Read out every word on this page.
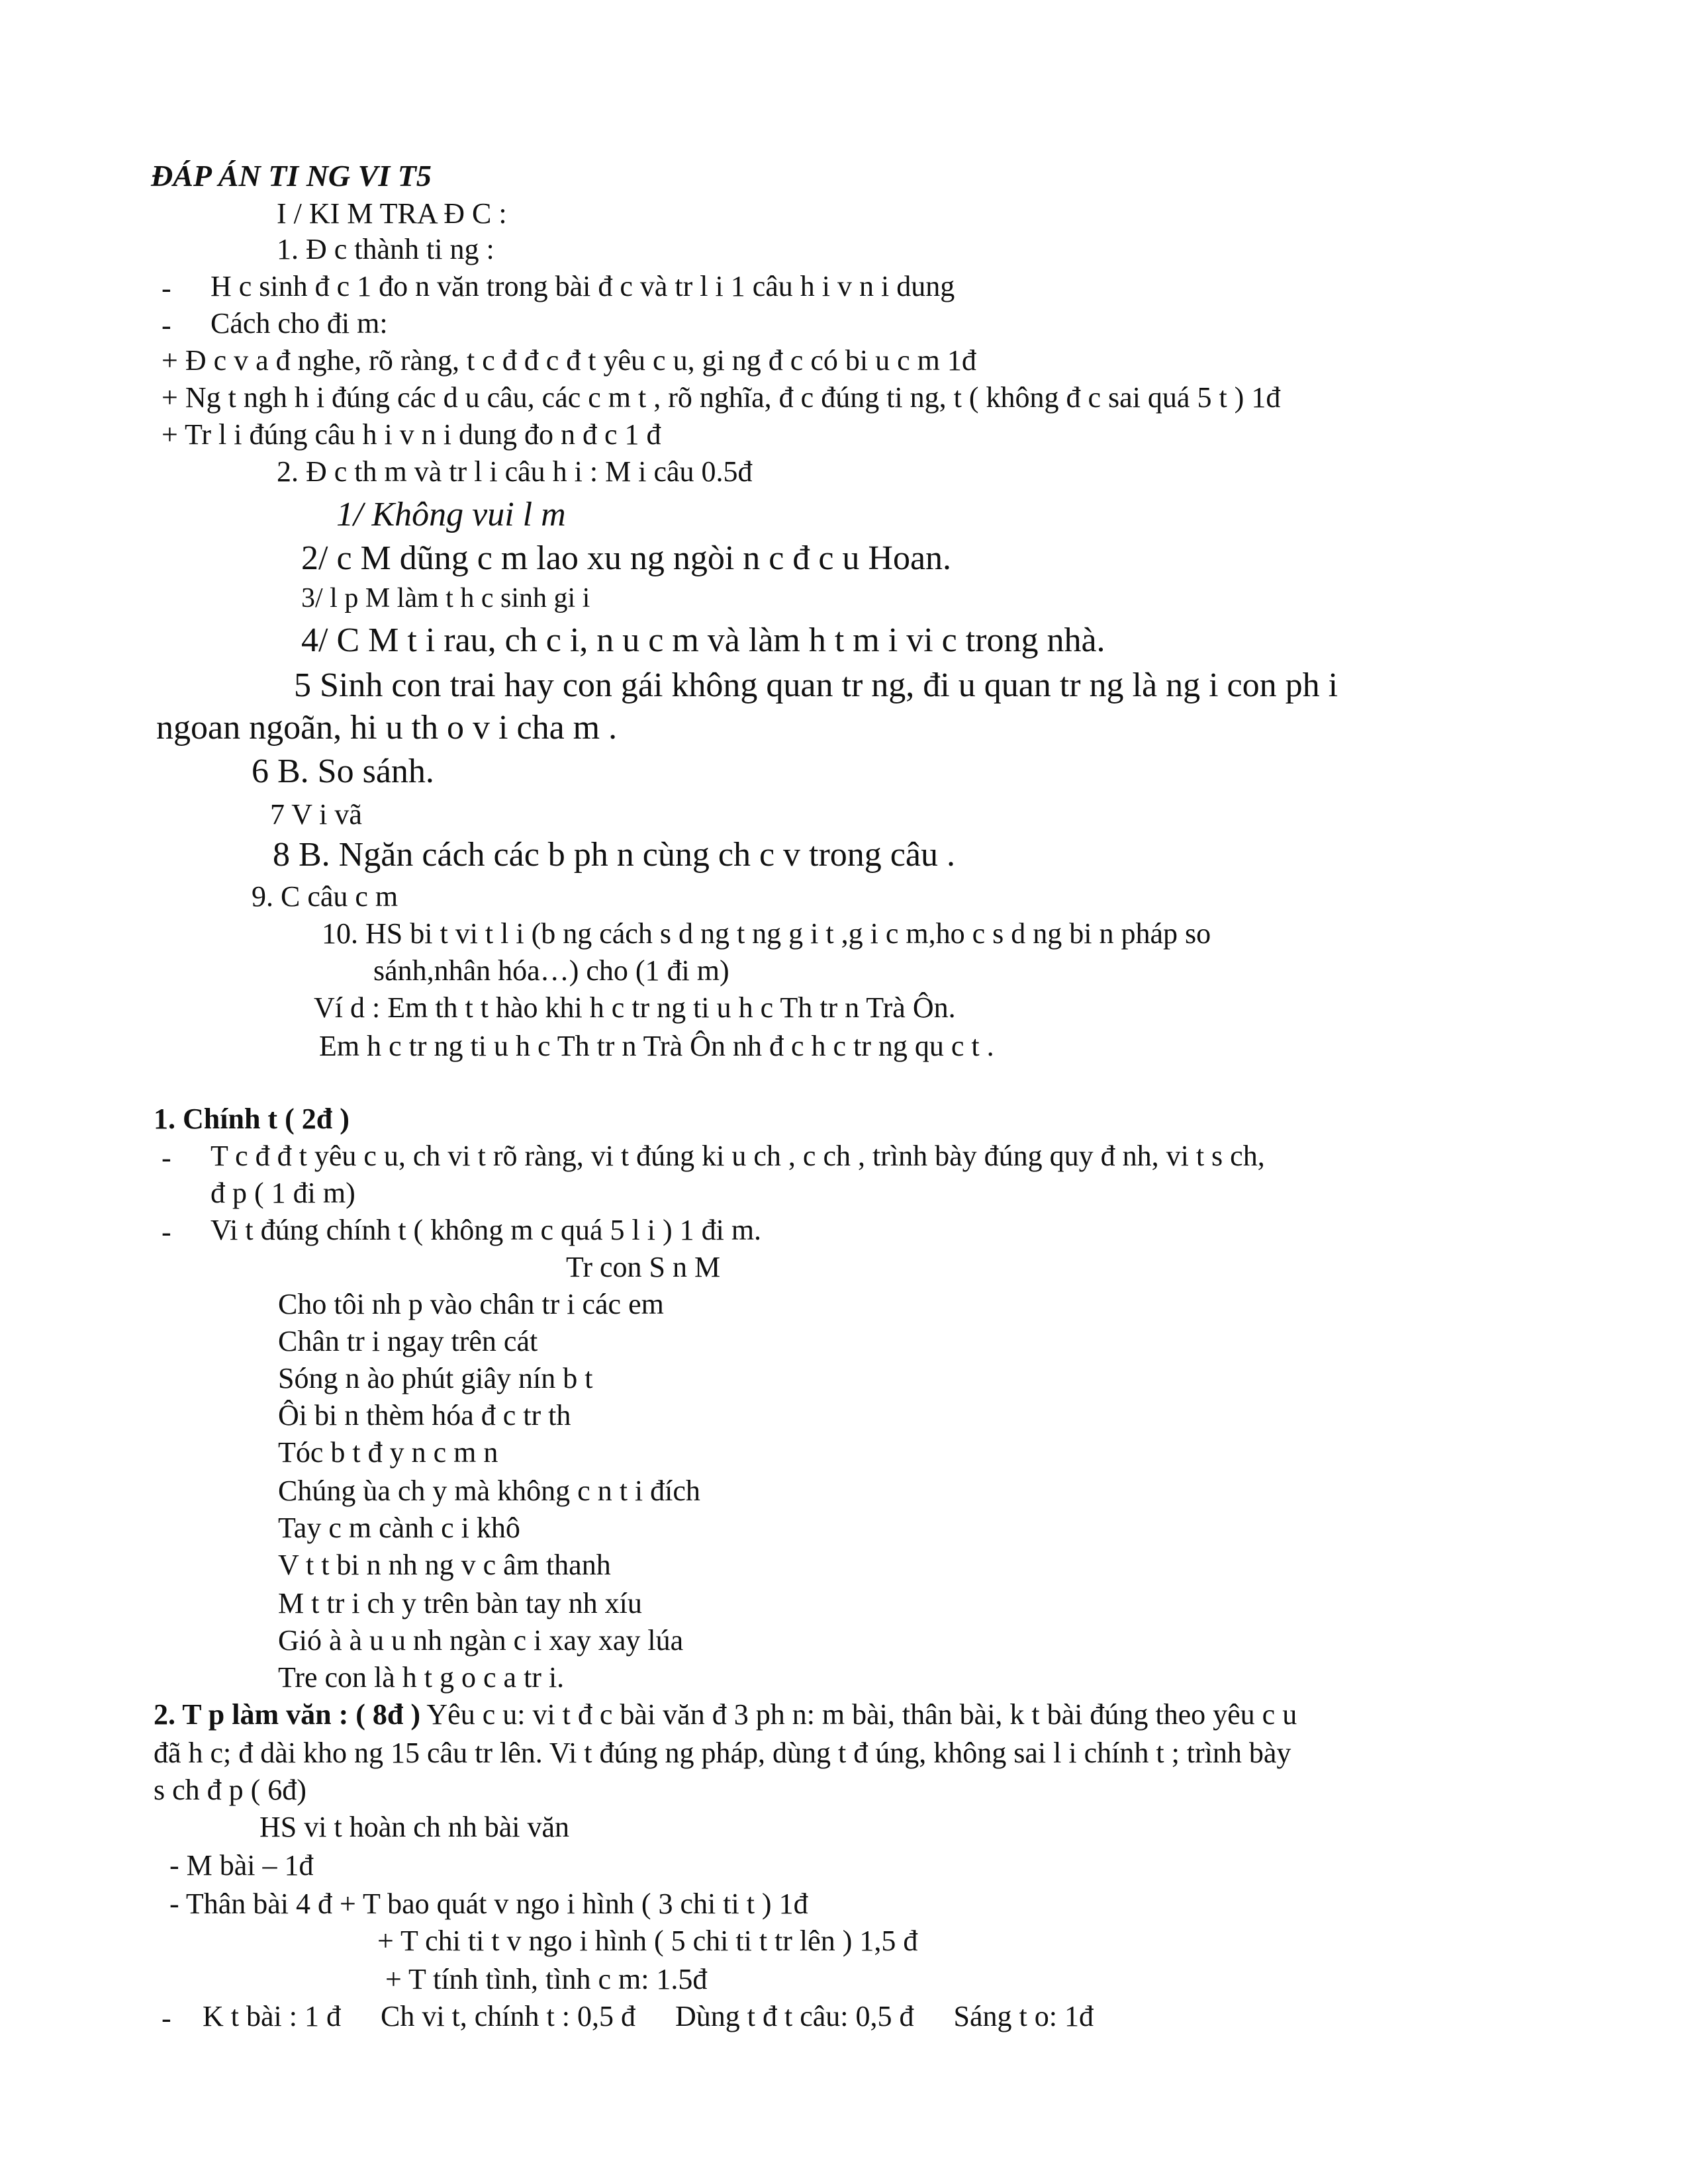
ĐÁP ÁN TI NG VI T5
I / KI M TRA Đ C :
1. Đ c thành ti ng :
- H c sinh đ c 1 đo n văn trong bài đ c và tr l i 1 câu h i v n i dung
- Cách cho đi m:
+ Đ c v a đ nghe, rõ ràng, t c đ đ c đ t yêu c u, gi ng đ c có bi u c m 1đ
+ Ng t ngh h i đúng các d u câu, các c m t , rõ nghĩa, đ c đúng ti ng, t ( không đ c sai quá 5 t ) 1đ
+ Tr l i đúng câu h i v n i dung đo n đ c 1 đ
2. Đ c th m và tr l i câu h i : M i câu 0.5đ
1/ Không vui l m
2/ c M dũng c m lao xu ng ngòi n c đ c u Hoan.
3/ l p M làm t h c sinh gi i
4/ C M t i rau, ch c i, n u c m và làm h t m i vi c trong nhà.
5 Sinh con trai hay con gái không quan tr ng, đi u quan tr ng là ng i con ph i
ngoan ngoãn, hi u th o v i cha m .
6 B. So sánh.
7 V i vã
8 B. Ngăn cách các b ph n cùng ch c v trong câu .
9. C câu c m
10. HS bi t vi t l i (b ng cách s d ng t ng g i t ,g i c m,ho c s d ng bi n pháp so
sánh,nhân hóa…) cho (1 đi m)
Ví d : Em th t t hào khi h c tr ng ti u h c Th tr n Trà Ôn.
Em h c tr ng ti u h c Th tr n Trà Ôn nh đ c h c tr ng qu c t .
1. Chính t ( 2đ )
- T c đ đ t yêu c u, ch vi t rõ ràng, vi t đúng ki u ch , c ch , trình bày đúng quy đ nh, vi t s ch,
đ p ( 1 đi m)
- Vi t đúng chính t ( không m c quá 5 l i ) 1 đi m.
Tr con S n M
Cho tôi nh p vào chân tr i các em
Chân tr i ngay trên cát
Sóng n ào phút giây nín b t
Ôi bi n thèm hóa đ c tr th
Tóc b t đ y n c m n
Chúng ùa ch y mà không c n t i đích
Tay c m cành c i khô
V t t bi n nh ng v c âm thanh
M t tr i ch y trên bàn tay nh xíu
Gió à à u u nh ngàn c i xay xay lúa
Tre con là h t g o c a tr i.
2. T p làm văn : ( 8đ ) Yêu c u: vi t đ c bài văn đ 3 ph n: m bài, thân bài, k t bài đúng theo yêu c u
đã h c; đ dài kho ng 15 câu tr lên. Vi t đúng ng pháp, dùng t đ úng, không sai l i chính t ; trình bày
s ch đ p ( 6đ)
HS vi t hoàn ch nh bài văn
- M bài – 1đ
- Thân bài 4 đ + T bao quát v ngo i hình ( 3 chi ti t ) 1đ
+ T chi ti t v ngo i hình ( 5 chi ti t tr lên ) 1,5 đ
+ T tính tình, tình c m: 1.5đ
- K t bài : 1 đ Ch vi t, chính t : 0,5 đ Dùng t đ t câu: 0,5 đ Sáng t o: 1đ
